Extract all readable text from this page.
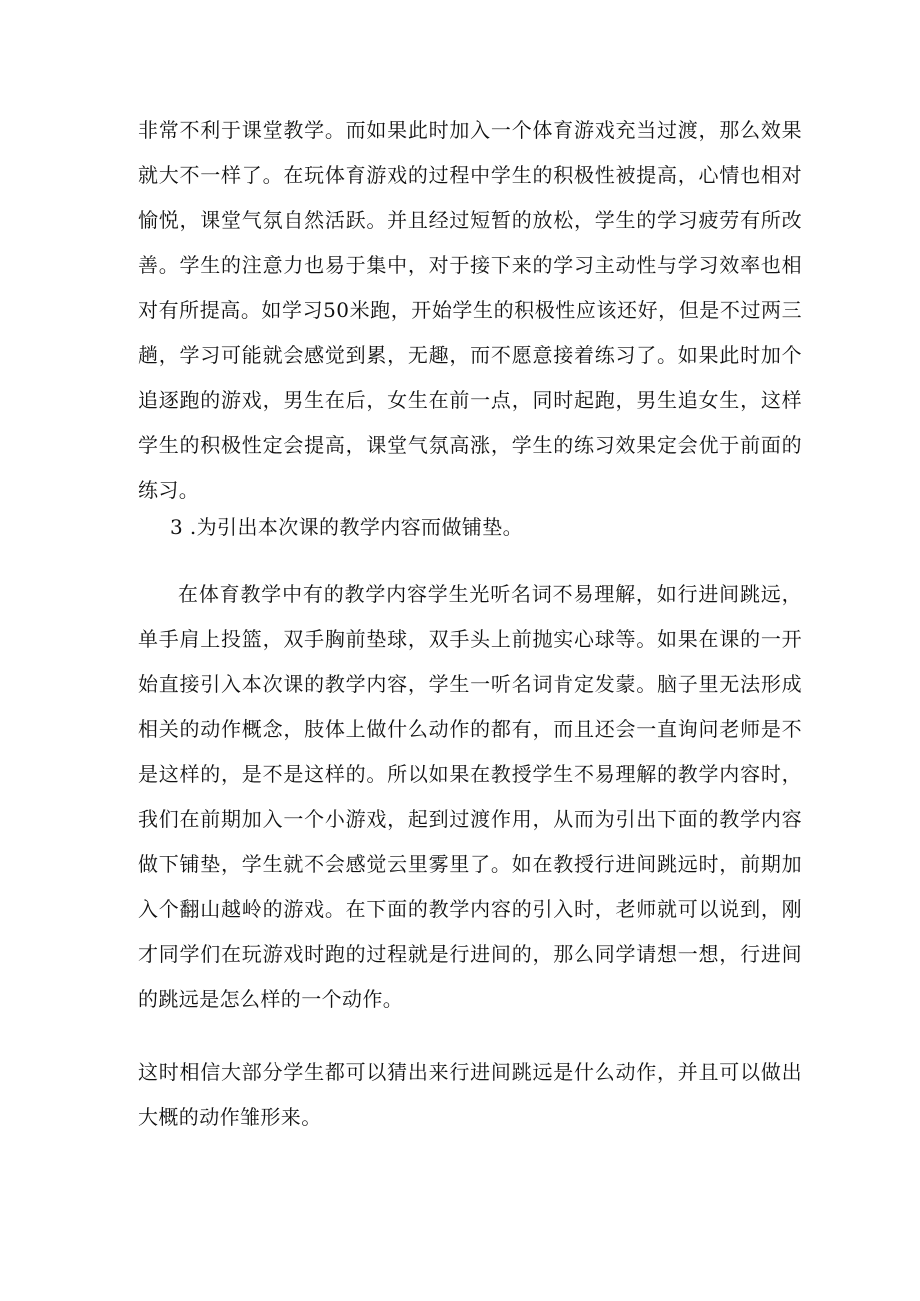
非常不利于课堂教学。而如果此时加入一个体育游戏充当过渡，那么效果就大不一样了。在玩体育游戏的过程中学生的积极性被提高，心情也相对愉悦，课堂气氛自然活跃。并且经过短暂的放松，学生的学习疲劳有所改善。学生的注意力也易于集中，对于接下来的学习主动性与学习效率也相对有所提高。如学习50米跑，开始学生的积极性应该还好，但是不过两三趟，学习可能就会感觉到累，无趣，而不愿意接着练习了。如果此时加个追逐跑的游戏，男生在后，女生在前一点，同时起跑，男生追女生，这样学生的积极性定会提高，课堂气氛高涨，学生的练习效果定会优于前面的练习。

3 .为引出本次课的教学内容而做铺垫。

在体育教学中有的教学内容学生光听名词不易理解，如行进间跳远，单手肩上投篮，双手胸前垫球，双手头上前抛实心球等。如果在课的一开始直接引入本次课的教学内容，学生一听名词肯定发蒙。脑子里无法形成相关的动作概念，肢体上做什么动作的都有，而且还会一直询问老师是不是这样的，是不是这样的。所以如果在教授学生不易理解的教学内容时，我们在前期加入一个小游戏，起到过渡作用，从而为引出下面的教学内容做下铺垫，学生就不会感觉云里雾里了。如在教授行进间跳远时，前期加入个翻山越岭的游戏。在下面的教学内容的引入时，老师就可以说到，刚才同学们在玩游戏时跑的过程就是行进间的，那么同学请想一想，行进间的跳远是怎么样的一个动作。

这时相信大部分学生都可以猜出来行进间跳远是什么动作，并且可以做出大概的动作雏形来。
